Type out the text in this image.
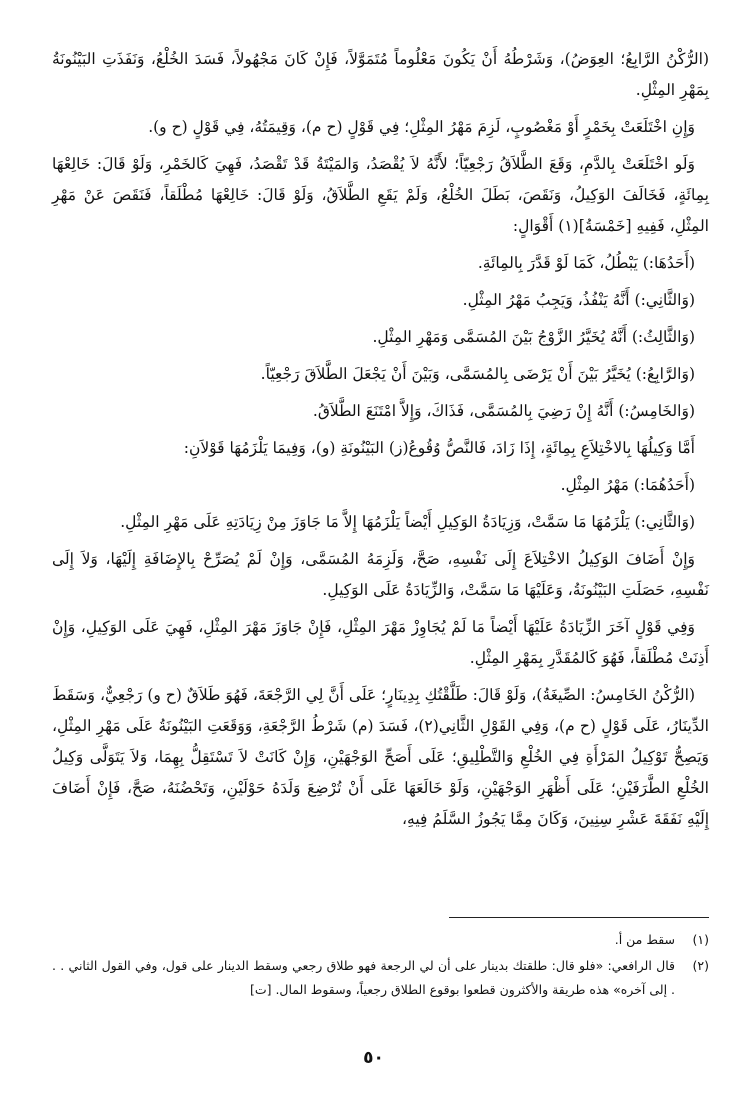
(الرُّكْنُ الرَّابِعُ؛ العِوَضُ)، وَشَرْطُهُ أَنْ يَكُونَ مَعْلُوماً مُتَمَوَّلاً، فَإِنْ كَانَ مَجْهُولاً، فَسَدَ الخُلْعُ، وَنَفَذَتِ البَيْنُونَةُ بِمَهْرِ المِثْلِ.

وَإِنِ اخْتَلَعَتْ بِخَمْرٍ أَوْ مَغْصُوبٍ، لَزِمَ مَهْرُ المِثْلِ؛ فِي قَوْلٍ (ح م)، وَقِيمَتُهُ، فِي قَوْلٍ (ح و).

وَلَو اخْتَلَعَتْ بِالدَّمِ، وَقَعَ الطَّلاَقُ رَجْعِيّاً؛ لأَنَّهُ لاَ يُقْصَدُ، وَالمَيْتَةُ قَدْ تَقْصَدُ، فَهِيَ كَالخَمْرِ، وَلَوْ قَالَ: خَالِعْهَا بِمِائَةٍ، فَخَالَفَ الوَكِيلُ، وَنَقَصَ، بَطَلَ الخُلْعُ، وَلَمْ يَقَعِ الطَّلاَقُ، وَلَوْ قَالَ: خَالِعْهَا مُطْلَقاً، فَنَقَصَ عَنْ مَهْرِ المِثْلِ، فَفِيهِ [خَمْسَةُ](١) أَقْوَالٍ:

(أَحَدُهَا:) يَبْطُلُ، كَمَا لَوْ قَدَّرَ بِالمِائَةِ.

(وَالثَّانِي:) أَنَّهُ يَنْفُذُ، وَيَجِبُ مَهْرُ المِثْلِ.

(وَالثَّالِثُ:) أَنَّهُ يُخَيَّرُ الزَّوْجُ بَيْنَ المُسَمَّى وَمَهْرِ المِثْلِ.

(وَالرَّابِعُ:) يُخَيَّرُ بَيْنَ أَنْ يَرْضَى بِالمُسَمَّى، وَبَيْنَ أَنْ يَجْعَلَ الطَّلاَقَ رَجْعِيّاً.

(وَالخَامِسُ:) أَنَّهُ إِنْ رَضِيَ بِالمُسَمَّى، فَذَاكَ، وَإِلاَّ امْتَنَعَ الطَّلاَقُ.

أَمَّا وَكِيلُهَا بِالاخْتِلاَعِ بِمِائَةٍ، إِذَا زَادَ، فَالنَّصُّ وُقُوعُ(ز) البَيْنُونَةِ (و)، وَفِيمَا يَلْزَمُهَا قَوْلاَنِ:

(أَحَدُهُمَا:) مَهْرُ المِثْلِ.

(وَالثَّانِي:) يَلْزَمُهَا مَا سَمَّتْ، وَزِيَادَةُ الوَكِيلِ أَيْضاً يَلْزَمُهَا إِلاَّ مَا جَاوَزَ مِنْ زِيَادَتِهِ عَلَى مَهْرِ المِثْلِ.

وَإِنْ أَضَافَ الوَكِيلُ الاخْتِلاَعَ إِلَى نَفْسِهِ، صَحَّ، وَلَزِمَهُ المُسَمَّى، وَإِنْ لَمْ يُصَرِّحْ بِالإِضَافَةِ إِلَيْهَا، وَلاَ إِلَى نَفْسِهِ، حَصَلَتِ البَيْنُونَةُ، وَعَلَيْهَا مَا سَمَّتْ، وَالزِّيَادَةُ عَلَى الوَكِيلِ.

وَفِي قَوْلٍ آخَرَ الزِّيَادَةُ عَلَيْهَا أَيْضاً مَا لَمْ يُجَاوِزْ مَهْرَ المِثْلِ، فَإِنْ جَاوَزَ مَهْرَ المِثْلِ، فَهِيَ عَلَى الوَكِيلِ، وَإِنْ أَذِنَتْ مُطْلَقاً، فَهُوَ كَالمُقَدَّرِ بِمَهْرِ المِثْلِ.

(الرُّكْنُ الخَامِسُ: الصِّيغَةُ)، وَلَوْ قَالَ: طَلَّقْتُكِ بِدِينَارٍ؛ عَلَى أَنَّ لِي الرَّجْعَةَ، فَهُوَ طَلاَقٌ (ح و) رَجْعِيٌّ، وَسَقَطَ الدِّينَارُ، عَلَى قَوْلٍ (ح م)، وَفِي القَوْلِ الثَّانِي(٢)، فَسَدَ (م) شَرْطُ الرَّجْعَةِ، وَوَقَعَتِ البَيْنُونَةُ عَلَى مَهْرِ المِثْلِ، وَيَصِحُّ تَوْكِيلُ المَرْأَةِ فِي الخُلْعِ وَالتَّطْلِيقِ؛ عَلَى أَصَحِّ الوَجْهَيْنِ، وَإِنْ كَانَتْ لاَ تَسْتَقِلُّ بِهِمَا، وَلاَ يَتَوَلَّى وَكِيلُ الخُلْعِ الطَّرَفَيْنِ؛ عَلَى أَظْهَرِ الوَجْهَيْنِ، وَلَوْ خَالَعَهَا عَلَى أَنْ تُرْضِعَ وَلَدَهُ حَوْلَيْنِ، وَتَحْضُنَهُ، صَحَّ، فَإِنْ أَضَافَ إِلَيْهِ نَفَقَةَ عَشْرِ سِنِينَ، وَكَانَ مِمَّا يَجُوزُ السَّلَمُ فِيهِ،

(١)
سقط من أ.
(٢)
قال الرافعي: «فلو قال: طلقتك بدينار على أن لي الرجعة فهو طلاق رجعي وسقط الدينار على قول، وفي القول الثاني . . . إلى آخره» هذه طريقة والأكثرون قطعوا بوقوع الطلاق رجعياً، وسقوط المال. [ت]
٥٠
